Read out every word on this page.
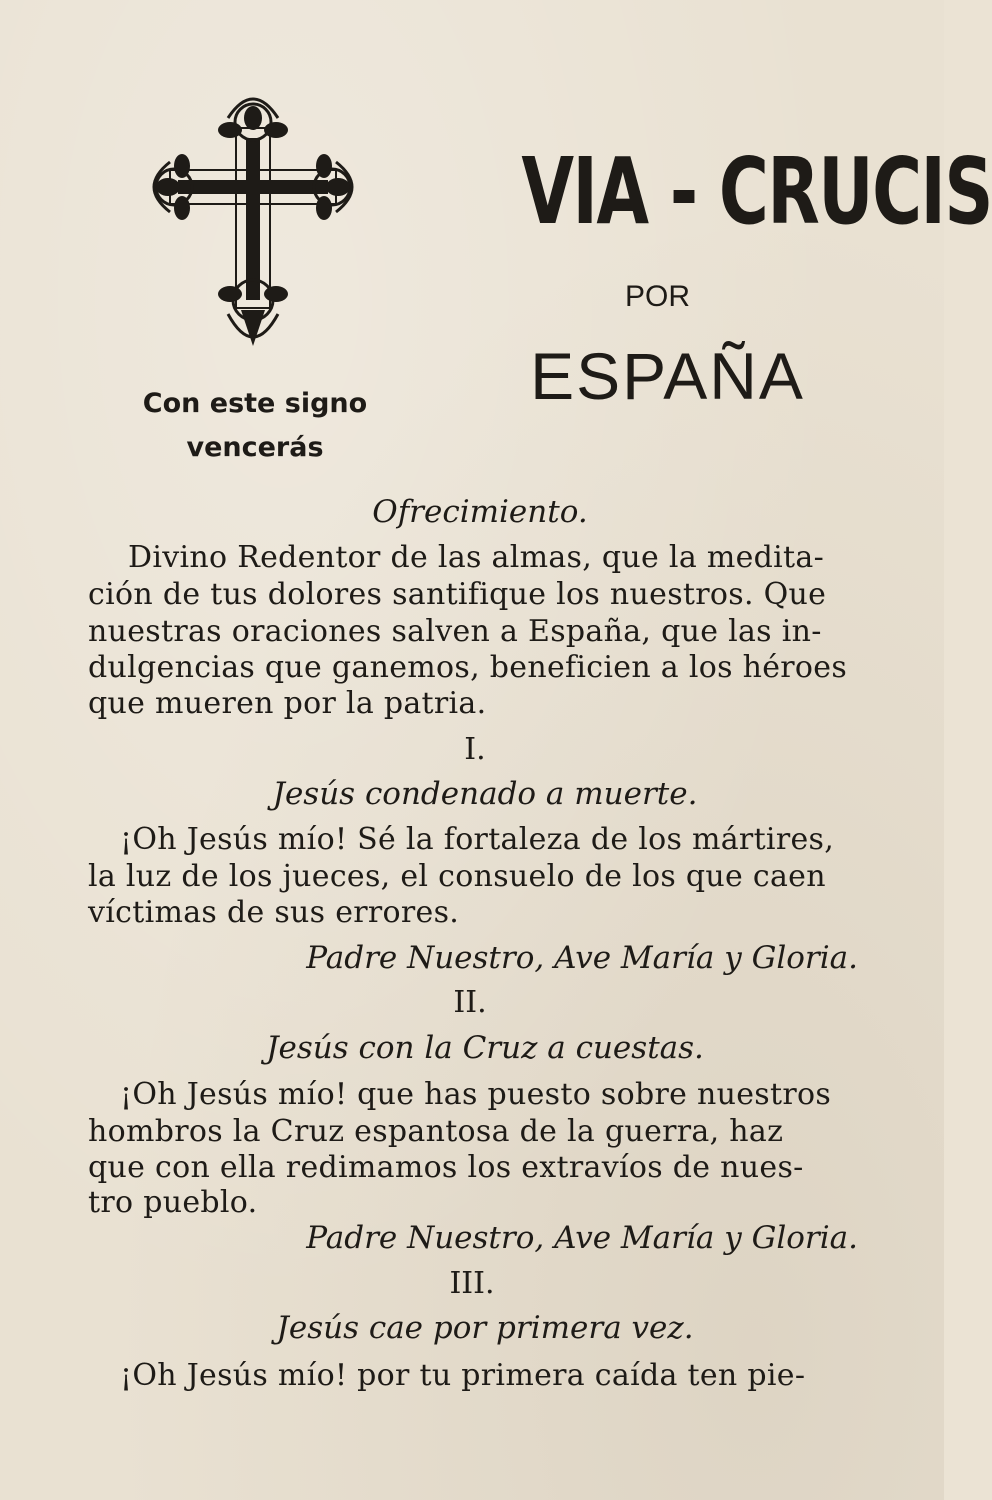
Con este signo
vencerás
VIA - CRUCIS
POR
ESPAÑA
Ofrecimiento.
Divino Redentor de las almas, que la medita-
ción de tus dolores santifique los nuestros. Que
nuestras oraciones salven a España, que las in-
dulgencias que ganemos, beneficien a los héroes
que mueren por la patria.
I.
Jesús condenado a muerte.
¡Oh Jesús mío! Sé la fortaleza de los mártires,
la luz de los jueces, el consuelo de los que caen
víctimas de sus errores.
Padre Nuestro, Ave María y Gloria.
II.
Jesús con la Cruz a cuestas.
¡Oh Jesús mío! que has puesto sobre nuestros
hombros la Cruz espantosa de la guerra, haz
que con ella redimamos los extravíos de nues-
tro pueblo.
Padre Nuestro, Ave María y Gloria.
III.
Jesús cae por primera vez.
¡Oh Jesús mío! por tu primera caída ten pie-
